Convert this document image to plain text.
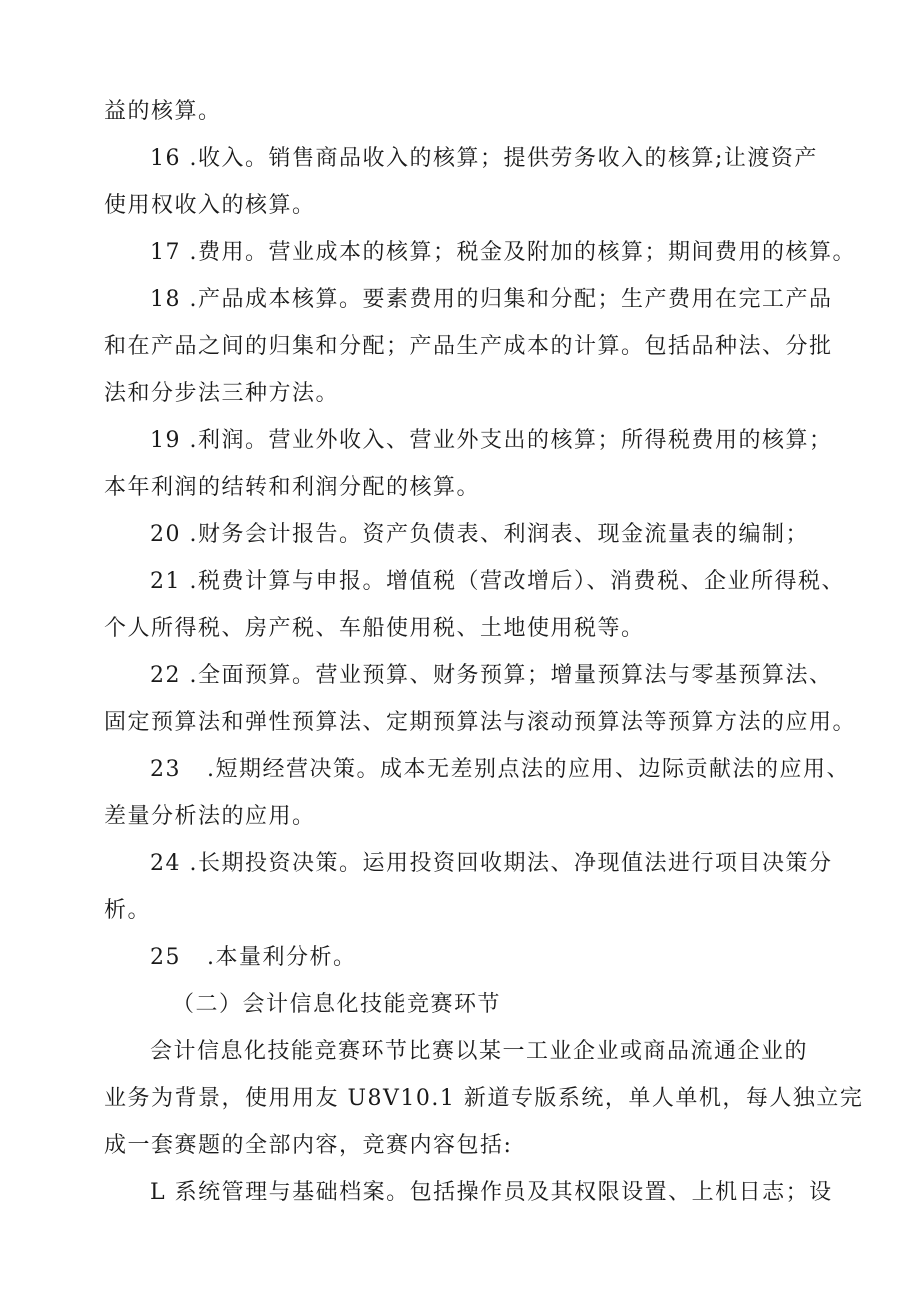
益的核算。
16 .收入。销售商品收入的核算；提供劳务收入的核算;让渡资产
使用权收入的核算。
17 .费用。营业成本的核算；税金及附加的核算；期间费用的核算。
18 .产品成本核算。要素费用的归集和分配；生产费用在完工产品
和在产品之间的归集和分配；产品生产成本的计算。包括品种法、分批
法和分步法三种方法。
19 .利润。营业外收入、营业外支出的核算；所得税费用的核算；
本年利润的结转和利润分配的核算。
20 .财务会计报告。资产负债表、利润表、现金流量表的编制；
21 .税费计算与申报。增值税（营改增后）、消费税、企业所得税、
个人所得税、房产税、车船使用税、土地使用税等。
22 .全面预算。营业预算、财务预算；增量预算法与零基预算法、
固定预算法和弹性预算法、定期预算法与滚动预算法等预算方法的应用。
23 .短期经营决策。成本无差别点法的应用、边际贡献法的应用、
差量分析法的应用。
24 .长期投资决策。运用投资回收期法、净现值法进行项目决策分
析。
25 .本量利分析。
（二）会计信息化技能竞赛环节
会计信息化技能竞赛环节比赛以某一工业企业或商品流通企业的
业务为背景，使用用友 U8V10.1 新道专版系统，单人单机，每人独立完
成一套赛题的全部内容，竞赛内容包括:
L 系统管理与基础档案。包括操作员及其权限设置、上机日志；设
